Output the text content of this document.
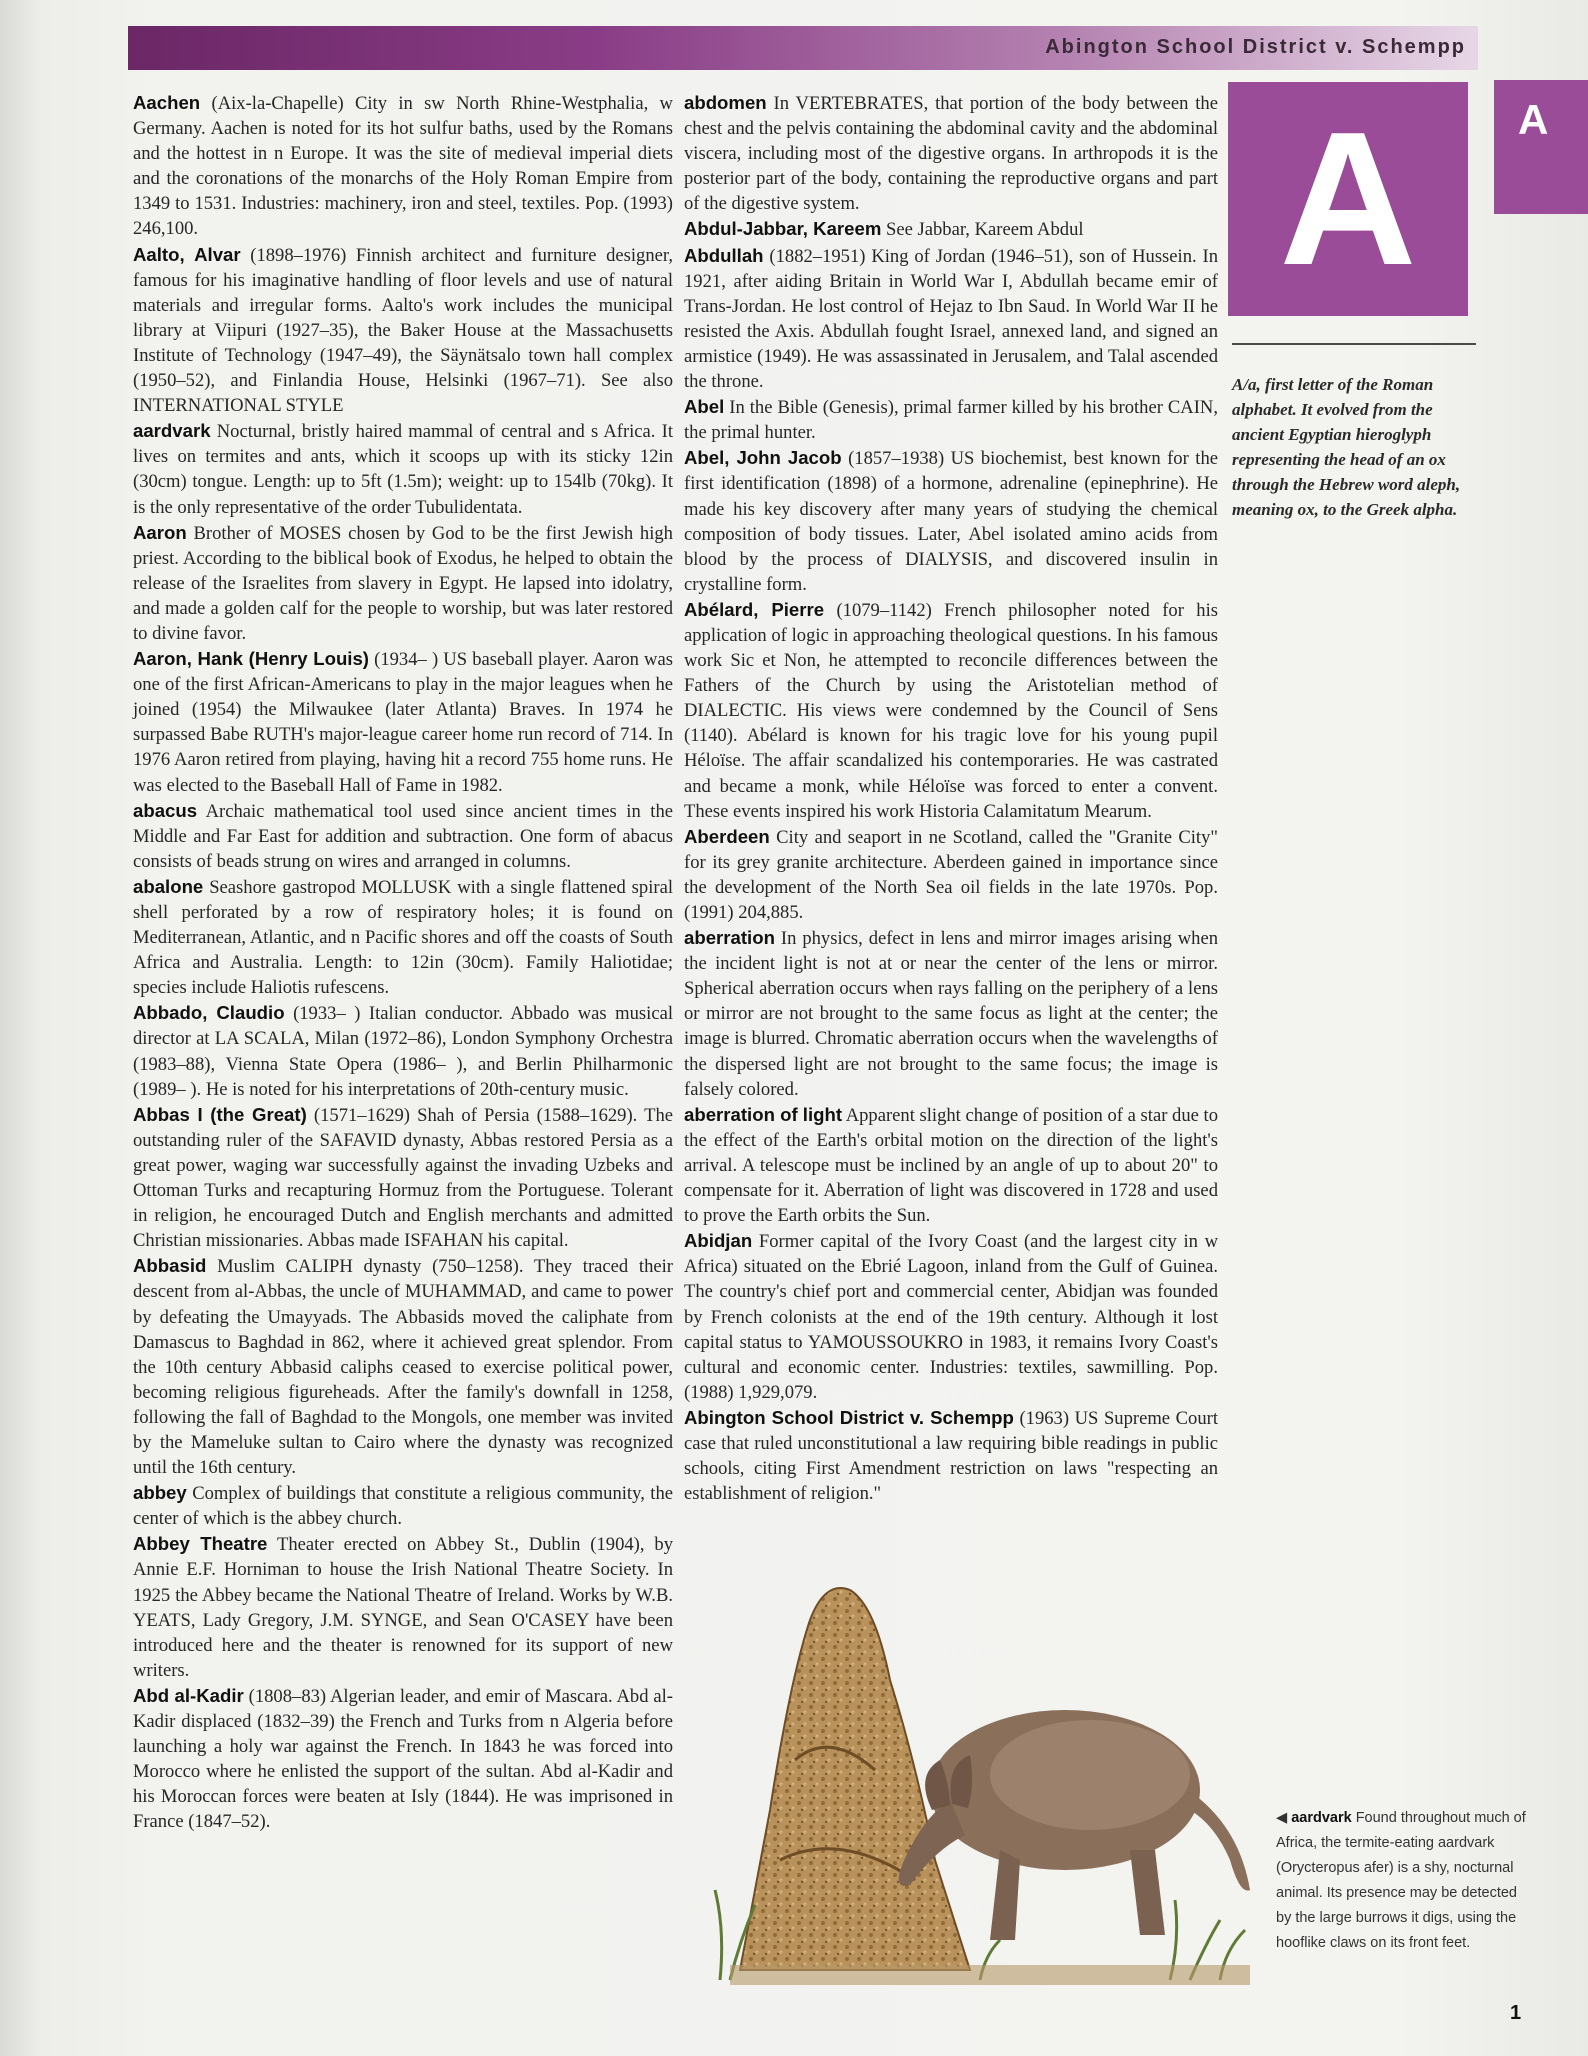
Abington School District v. Schempp

Aachen (Aix-la-Chapelle) City in sw North Rhine-Westphalia, w Germany. Aachen is noted for its hot sulfur baths, used by the Romans and the hottest in n Europe. It was the site of medieval imperial diets and the coronations of the monarchs of the Holy Roman Empire from 1349 to 1531. Industries: machinery, iron and steel, textiles. Pop. (1993) 246,100.

Aalto, Alvar (1898–1976) Finnish architect and furniture designer, famous for his imaginative handling of floor levels and use of natural materials and irregular forms. Aalto's work includes the municipal library at Viipuri (1927–35), the Baker House at the Massachusetts Institute of Technology (1947–49), the Säynätsalo town hall complex (1950–52), and Finlandia House, Helsinki (1967–71). See also INTERNATIONAL STYLE

aardvark Nocturnal, bristly haired mammal of central and s Africa. It lives on termites and ants, which it scoops up with its sticky 12in (30cm) tongue. Length: up to 5ft (1.5m); weight: up to 154lb (70kg). It is the only representative of the order Tubulidentata.

Aaron Brother of MOSES chosen by God to be the first Jewish high priest. According to the biblical book of Exodus, he helped to obtain the release of the Israelites from slavery in Egypt. He lapsed into idolatry, and made a golden calf for the people to worship, but was later restored to divine favor.

Aaron, Hank (Henry Louis) (1934– ) US baseball player. Aaron was one of the first African-Americans to play in the major leagues when he joined (1954) the Milwaukee (later Atlanta) Braves. In 1974 he surpassed Babe RUTH's major-league career home run record of 714. In 1976 Aaron retired from playing, having hit a record 755 home runs. He was elected to the Baseball Hall of Fame in 1982.

abacus Archaic mathematical tool used since ancient times in the Middle and Far East for addition and subtraction. One form of abacus consists of beads strung on wires and arranged in columns.

abalone Seashore gastropod MOLLUSK with a single flattened spiral shell perforated by a row of respiratory holes; it is found on Mediterranean, Atlantic, and n Pacific shores and off the coasts of South Africa and Australia. Length: to 12in (30cm). Family Haliotidae; species include Haliotis rufescens.

Abbado, Claudio (1933– ) Italian conductor. Abbado was musical director at LA SCALA, Milan (1972–86), London Symphony Orchestra (1983–88), Vienna State Opera (1986– ), and Berlin Philharmonic (1989– ). He is noted for his interpretations of 20th-century music.

Abbas I (the Great) (1571–1629) Shah of Persia (1588–1629). The outstanding ruler of the SAFAVID dynasty, Abbas restored Persia as a great power, waging war successfully against the invading Uzbeks and Ottoman Turks and recapturing Hormuz from the Portuguese. Tolerant in religion, he encouraged Dutch and English merchants and admitted Christian missionaries. Abbas made ISFAHAN his capital.

Abbasid Muslim CALIPH dynasty (750–1258). They traced their descent from al-Abbas, the uncle of MUHAMMAD, and came to power by defeating the Umayyads. The Abbasids moved the caliphate from Damascus to Baghdad in 862, where it achieved great splendor. From the 10th century Abbasid caliphs ceased to exercise political power, becoming religious figureheads. After the family's downfall in 1258, following the fall of Baghdad to the Mongols, one member was invited by the Mameluke sultan to Cairo where the dynasty was recognized until the 16th century.

abbey Complex of buildings that constitute a religious community, the center of which is the abbey church.

Abbey Theatre Theater erected on Abbey St., Dublin (1904), by Annie E.F. Horniman to house the Irish National Theatre Society. In 1925 the Abbey became the National Theatre of Ireland. Works by W.B. YEATS, Lady Gregory, J.M. SYNGE, and Sean O'CASEY have been introduced here and the theater is renowned for its support of new writers.

Abd al-Kadir (1808–83) Algerian leader, and emir of Mascara. Abd al-Kadir displaced (1832–39) the French and Turks from n Algeria before launching a holy war against the French. In 1843 he was forced into Morocco where he enlisted the support of the sultan. Abd al-Kadir and his Moroccan forces were beaten at Isly (1844). He was imprisoned in France (1847–52).

abdomen In VERTEBRATES, that portion of the body between the chest and the pelvis containing the abdominal cavity and the abdominal viscera, including most of the digestive organs. In arthropods it is the posterior part of the body, containing the reproductive organs and part of the digestive system.

Abdul-Jabbar, Kareem See Jabbar, Kareem Abdul

Abdullah (1882–1951) King of Jordan (1946–51), son of Hussein. In 1921, after aiding Britain in World War I, Abdullah became emir of Trans-Jordan. He lost control of Hejaz to Ibn Saud. In World War II he resisted the Axis. Abdullah fought Israel, annexed land, and signed an armistice (1949). He was assassinated in Jerusalem, and Talal ascended the throne.

Abel In the Bible (Genesis), primal farmer killed by his brother CAIN, the primal hunter.

Abel, John Jacob (1857–1938) US biochemist, best known for the first identification (1898) of a hormone, adrenaline (epinephrine). He made his key discovery after many years of studying the chemical composition of body tissues. Later, Abel isolated amino acids from blood by the process of DIALYSIS, and discovered insulin in crystalline form.

Abélard, Pierre (1079–1142) French philosopher noted for his application of logic in approaching theological questions. In his famous work Sic et Non, he attempted to reconcile differences between the Fathers of the Church by using the Aristotelian method of DIALECTIC. His views were condemned by the Council of Sens (1140). Abélard is known for his tragic love for his young pupil Héloïse. The affair scandalized his contemporaries. He was castrated and became a monk, while Héloïse was forced to enter a convent. These events inspired his work Historia Calamitatum Mearum.

Aberdeen City and seaport in ne Scotland, called the "Granite City" for its grey granite architecture. Aberdeen gained in importance since the development of the North Sea oil fields in the late 1970s. Pop. (1991) 204,885.

aberration In physics, defect in lens and mirror images arising when the incident light is not at or near the center of the lens or mirror. Spherical aberration occurs when rays falling on the periphery of a lens or mirror are not brought to the same focus as light at the center; the image is blurred. Chromatic aberration occurs when the wavelengths of the dispersed light are not brought to the same focus; the image is falsely colored.

aberration of light Apparent slight change of position of a star due to the effect of the Earth's orbital motion on the direction of the light's arrival. A telescope must be inclined by an angle of up to about 20" to compensate for it. Aberration of light was discovered in 1728 and used to prove the Earth orbits the Sun.

Abidjan Former capital of the Ivory Coast (and the largest city in w Africa) situated on the Ebrié Lagoon, inland from the Gulf of Guinea. The country's chief port and commercial center, Abidjan was founded by French colonists at the end of the 19th century. Although it lost capital status to YAMOUSSOUKRO in 1983, it remains Ivory Coast's cultural and economic center. Industries: textiles, sawmilling. Pop. (1988) 1,929,079.

Abington School District v. Schempp (1963) US Supreme Court case that ruled unconstitutional a law requiring bible readings in public schools, citing First Amendment restriction on laws "respecting an establishment of religion."

A A
A/a, first letter of the Roman alphabet. It evolved from the ancient Egyptian hieroglyph representing the head of an ox through the Hebrew word aleph, meaning ox, to the Greek alpha.
◀ aardvark Found throughout much of Africa, the termite-eating aardvark (Orycteropus afer) is a shy, nocturnal animal. Its presence may be detected by the large burrows it digs, using the hooflike claws on its front feet.
1
